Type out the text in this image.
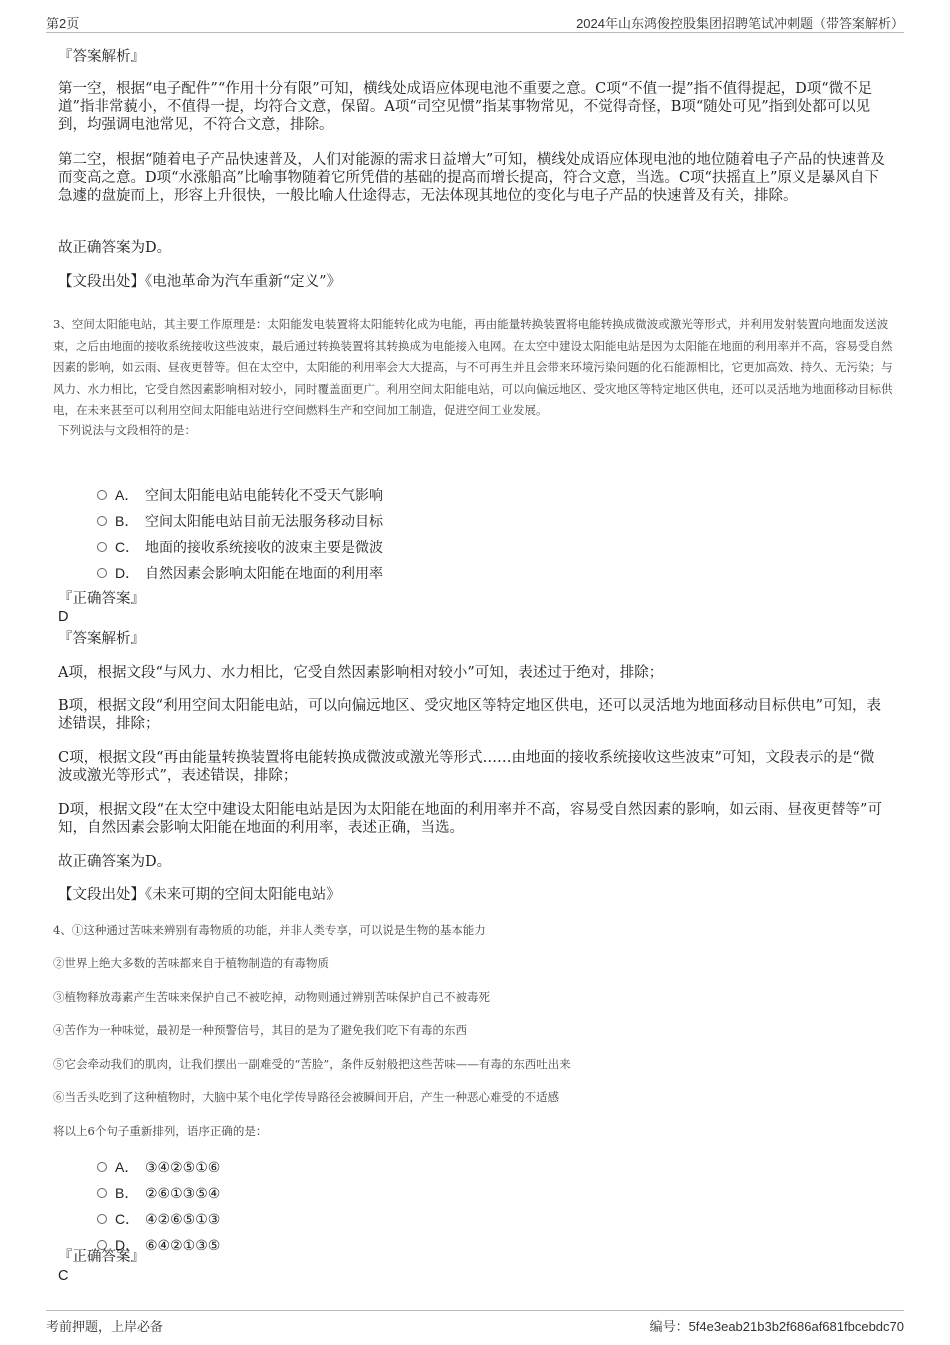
第2页	2024年山东鸿俊控股集团招聘笔试冲刺题（带答案解析）
『答案解析』
第一空，根据“电子配件”“作用十分有限”可知，横线处成语应体现电池不重要之意。C项“不值一提”指不值得提起，D项“微不足道”指非常藐小，不值得一提，均符合文意，保留。A项“司空见惯”指某事物常见，不觉得奇怪，B项“随处可见”指到处都可以见到，均强调电池常见，不符合文意，排除。
第二空，根据“随着电子产品快速普及，人们对能源的需求日益增大”可知，横线处成语应体现电池的地位随着电子产品的快速普及而变高之意。D项“水涨船高”比喻事物随着它所凭借的基础的提高而增长提高，符合文意，当选。C项“扶摇直上”原义是暴风自下急遽的盘旋而上，形容上升很快，一般比喻人仕途得志，无法体现其地位的变化与电子产品的快速普及有关，排除。
故正确答案为D。
【文段出处】《电池革命为汽车重新“定义”》
3、空间太阳能电站，其主要工作原理是：太阳能发电装置将太阳能转化成为电能，再由能量转换装置将电能转换成微波或激光等形式，并利用发射装置向地面发送波束，之后由地面的接收系统接收这些波束，最后通过转换装置将其转换成为电能接入电网。在太空中建设太阳能电站是因为太阳能在地面的利用率并不高，容易受自然因素的影响，如云雨、昼夜更替等。但在太空中，太阳能的利用率会大大提高，与不可再生并且会带来环境污染问题的化石能源相比，它更加高效、持久、无污染；与风力、水力相比，它受自然因素影响相对较小，同时覆盖面更广。利用空间太阳能电站，可以向偏远地区、受灾地区等特定地区供电，还可以灵活地为地面移动目标供电，在未来甚至可以利用空间太阳能电站进行空间燃料生产和空间加工制造，促进空间工业发展。
下列说法与文段相符的是：
A． 空间太阳能电站电能转化不受天气影响
B． 空间太阳能电站目前无法服务移动目标
C． 地面的接收系统接收的波束主要是微波
D． 自然因素会影响太阳能在地面的利用率
『正确答案』
D
『答案解析』
A项，根据文段“与风力、水力相比，它受自然因素影响相对较小”可知，表述过于绝对，排除；
B项，根据文段“利用空间太阳能电站，可以向偏远地区、受灾地区等特定地区供电，还可以灵活地为地面移动目标供电”可知，表述错误，排除；
C项，根据文段“再由能量转换装置将电能转换成微波或激光等形式……由地面的接收系统接收这些波束”可知，文段表示的是“微波或激光等形式”，表述错误，排除；
D项，根据文段“在太空中建设太阳能电站是因为太阳能在地面的利用率并不高，容易受自然因素的影响，如云雨、昼夜更替等”可知，自然因素会影响太阳能在地面的利用率，表述正确，当选。
故正确答案为D。
【文段出处】《未来可期的空间太阳能电站》
4、①这种通过苦味来辨别有毒物质的功能，并非人类专享，可以说是生物的基本能力
②世界上绝大多数的苦味都来自于植物制造的有毒物质
③植物释放毒素产生苦味来保护自己不被吃掉，动物则通过辨别苦味保护自己不被毒死
④苦作为一种味觉，最初是一种预警信号，其目的是为了避免我们吃下有毒的东西
⑤它会牵动我们的肌肉，让我们摆出一副难受的“苦脸”，条件反射般把这些苦味——有毒的东西吐出来
⑥当舌头吃到了这种植物时，大脑中某个电化学传导路径会被瞬间开启，产生一种恶心难受的不适感
将以上6个句子重新排列，语序正确的是：
A． ③④②⑤①⑥
B． ②⑥①③⑤④
C． ④②⑥⑤①③
D． ⑥④②①③⑤
『正确答案』
C
考前押题，上岸必备	编号：5f4e3eab21b3b2f686af681fbcebdc70
